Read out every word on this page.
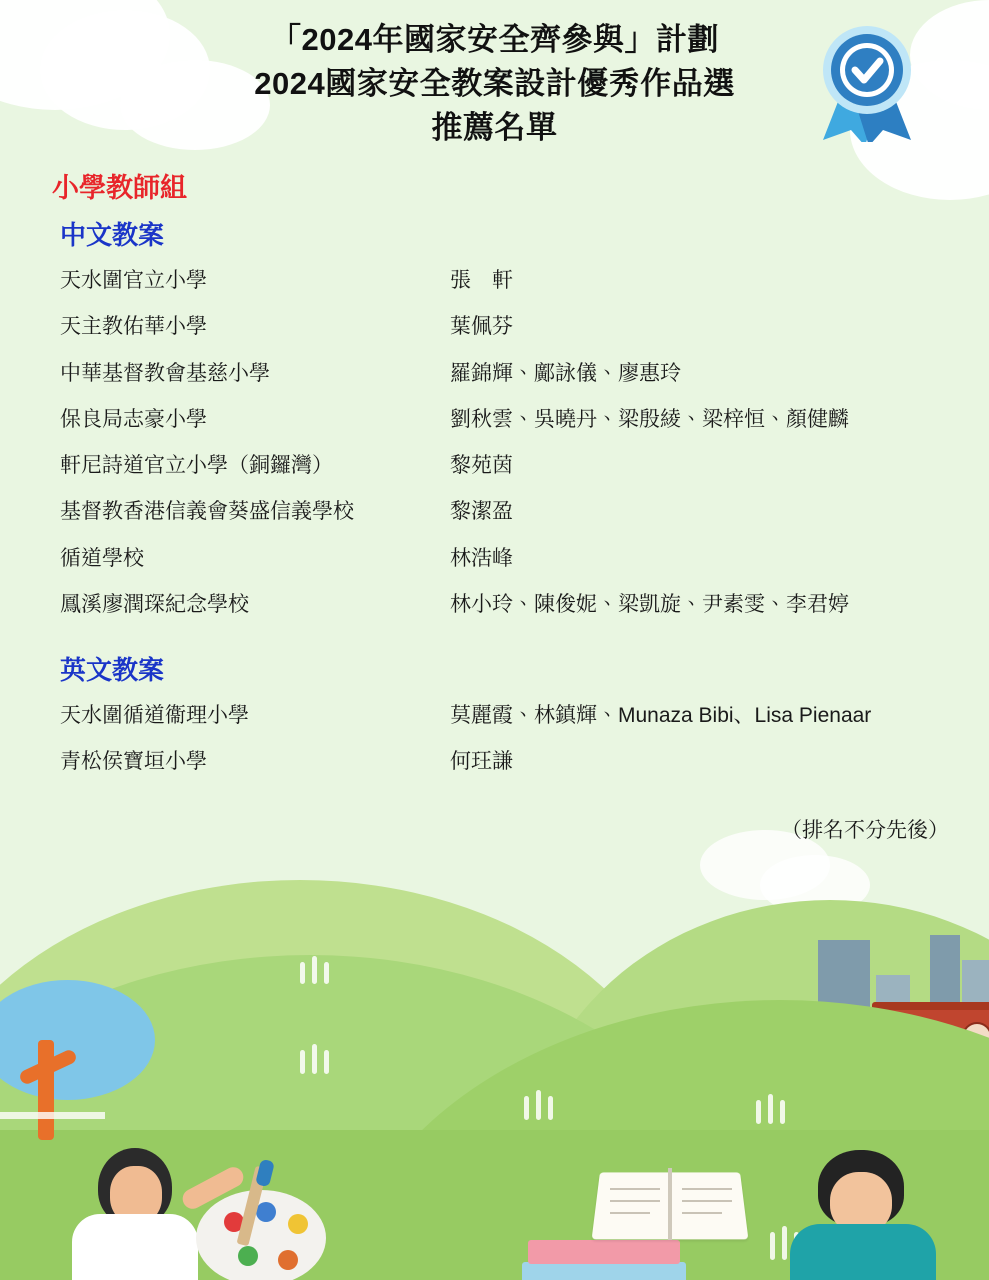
「2024年國家安全齊參與」計劃
2024國家安全教案設計優秀作品選
推薦名單
小學教師組
中文教案
天水圍官立小學	張　軒
天主教佑華小學	葉佩芬
中華基督教會基慈小學	羅錦輝、鄺詠儀、廖惠玲
保良局志豪小學	劉秋雲、吳曉丹、梁殷綾、梁梓恒、顏健麟
軒尼詩道官立小學（銅鑼灣）	黎苑茵
基督教香港信義會葵盛信義學校	黎潔盈
循道學校	林浩峰
鳳溪廖潤琛紀念學校	林小玲、陳俊妮、梁凱旋、尹素雯、李君婷
英文教案
天水圍循道衞理小學	莫麗霞、林鎮輝、Munaza Bibi、Lisa Pienaar
青松侯寶垣小學	何玨謙
（排名不分先後）
